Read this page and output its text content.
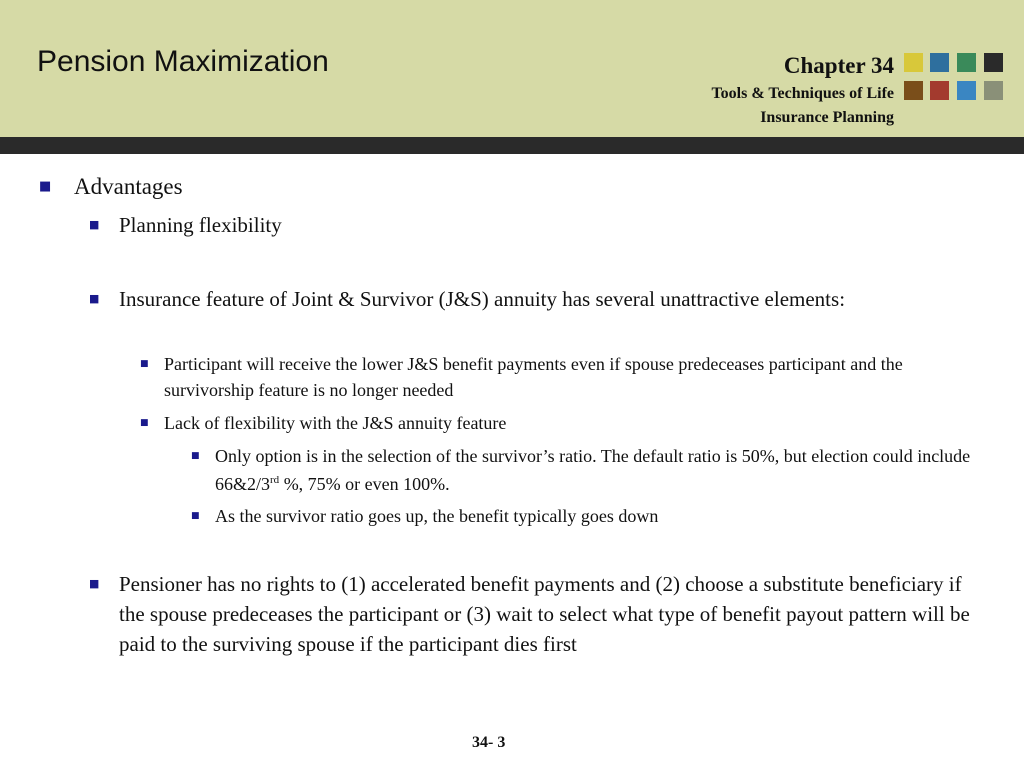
Pension Maximization	Chapter 34
Tools & Techniques of Life
Insurance Planning
■ Advantages
■ Planning flexibility
■ Insurance feature of Joint & Survivor (J&S) annuity has several unattractive elements:
■ Participant will receive the lower J&S benefit payments even if spouse predeceases participant and the survivorship feature is no longer needed
■ Lack of flexibility with the J&S annuity feature
■ Only option is in the selection of the survivor’s ratio. The default ratio is 50%, but election could include 66&2/3rd %, 75% or even 100%.
■ As the survivor ratio goes up, the benefit typically goes down
■ Pensioner has no rights to (1) accelerated benefit payments and (2) choose a substitute beneficiary if the spouse predeceases the participant or (3) wait to select what type of benefit payout pattern will be paid to the surviving spouse if the participant dies first
34- 3
